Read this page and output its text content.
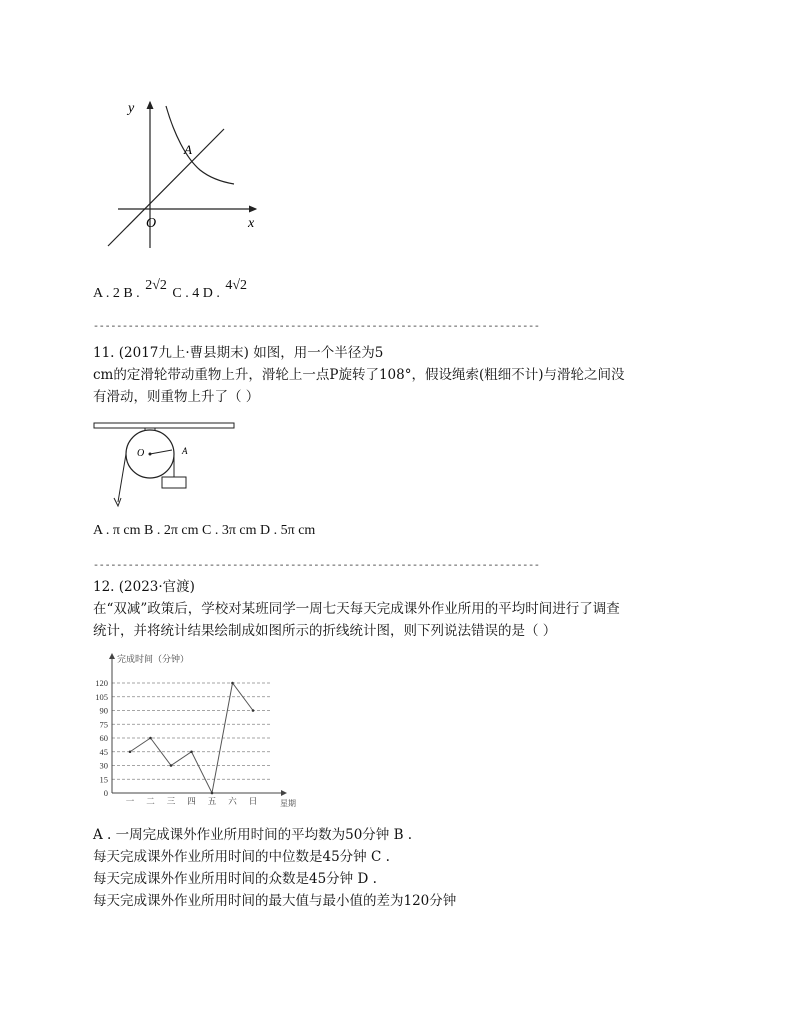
y
x
O
A
A . 2 B . 2√2 C . 4 D . 4√2
-----------------------------------------------------------------------------
11. (2017九上·曹县期末) 如图，用一个半径为5
cm的定滑轮带动重物上升，滑轮上一点P旋转了108°，假设绳索(粗细不计)与滑轮之间没
有滑动，则重物上升了（ ）
O	A
A . π cm B . 2π cm C . 3π cm D . 5π cm
-----------------------------------------------------------------------------
12. (2023·官渡)
在“双减”政策后，学校对某班同学一周七天每天完成课外作业所用的平均时间进行了调查
统计，并将统计结果绘制成如图所示的折线统计图，则下列说法错误的是（ ）
0
15
30
45
60
75
90
105
120
一 二 三 四 五 六 日
完成时间（分钟）
星期
A . 一周完成课外作业所用时间的平均数为50分钟 B .
每天完成课外作业所用时间的中位数是45分钟 C .
每天完成课外作业所用时间的众数是45分钟 D .
每天完成课外作业所用时间的最大值与最小值的差为120分钟
